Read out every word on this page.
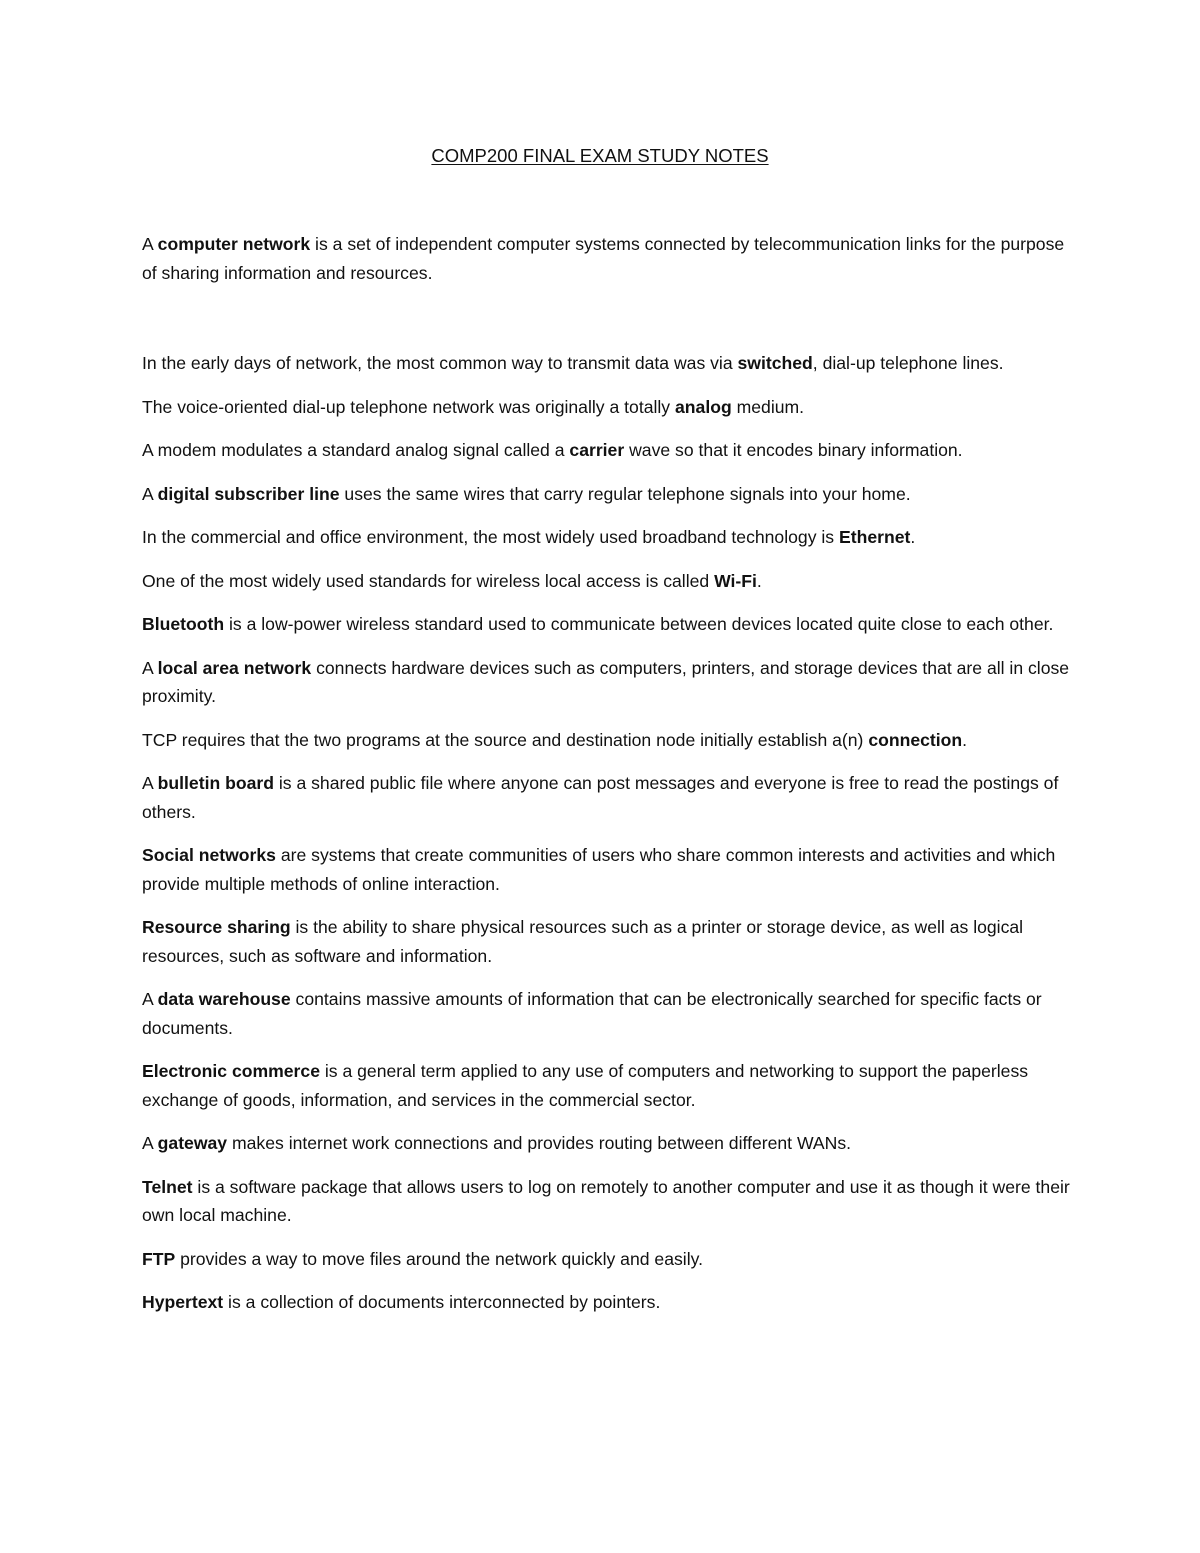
COMP200 FINAL EXAM STUDY NOTES

A computer network is a set of independent computer systems connected by telecommunication links for the purpose of sharing information and resources.

In the early days of network, the most common way to transmit data was via switched, dial-up telephone lines.

The voice-oriented dial-up telephone network was originally a totally analog medium.

A modem modulates a standard analog signal called a carrier wave so that it encodes binary information.

A digital subscriber line uses the same wires that carry regular telephone signals into your home.

In the commercial and office environment, the most widely used broadband technology is Ethernet.

One of the most widely used standards for wireless local access is called Wi-Fi.

Bluetooth is a low-power wireless standard used to communicate between devices located quite close to each other.

A local area network connects hardware devices such as computers, printers, and storage devices that are all in close proximity.

TCP requires that the two programs at the source and destination node initially establish a(n) connection.

A bulletin board is a shared public file where anyone can post messages and everyone is free to read the postings of others.

Social networks are systems that create communities of users who share common interests and activities and which provide multiple methods of online interaction.

Resource sharing is the ability to share physical resources such as a printer or storage device, as well as logical resources, such as software and information.

A data warehouse contains massive amounts of information that can be electronically searched for specific facts or documents.

Electronic commerce is a general term applied to any use of computers and networking to support the paperless exchange of goods, information, and services in the commercial sector.

A gateway makes internet work connections and provides routing between different WANs.

Telnet is a software package that allows users to log on remotely to another computer and use it as though it were their own local machine.

FTP provides a way to move files around the network quickly and easily.

Hypertext is a collection of documents interconnected by pointers.
